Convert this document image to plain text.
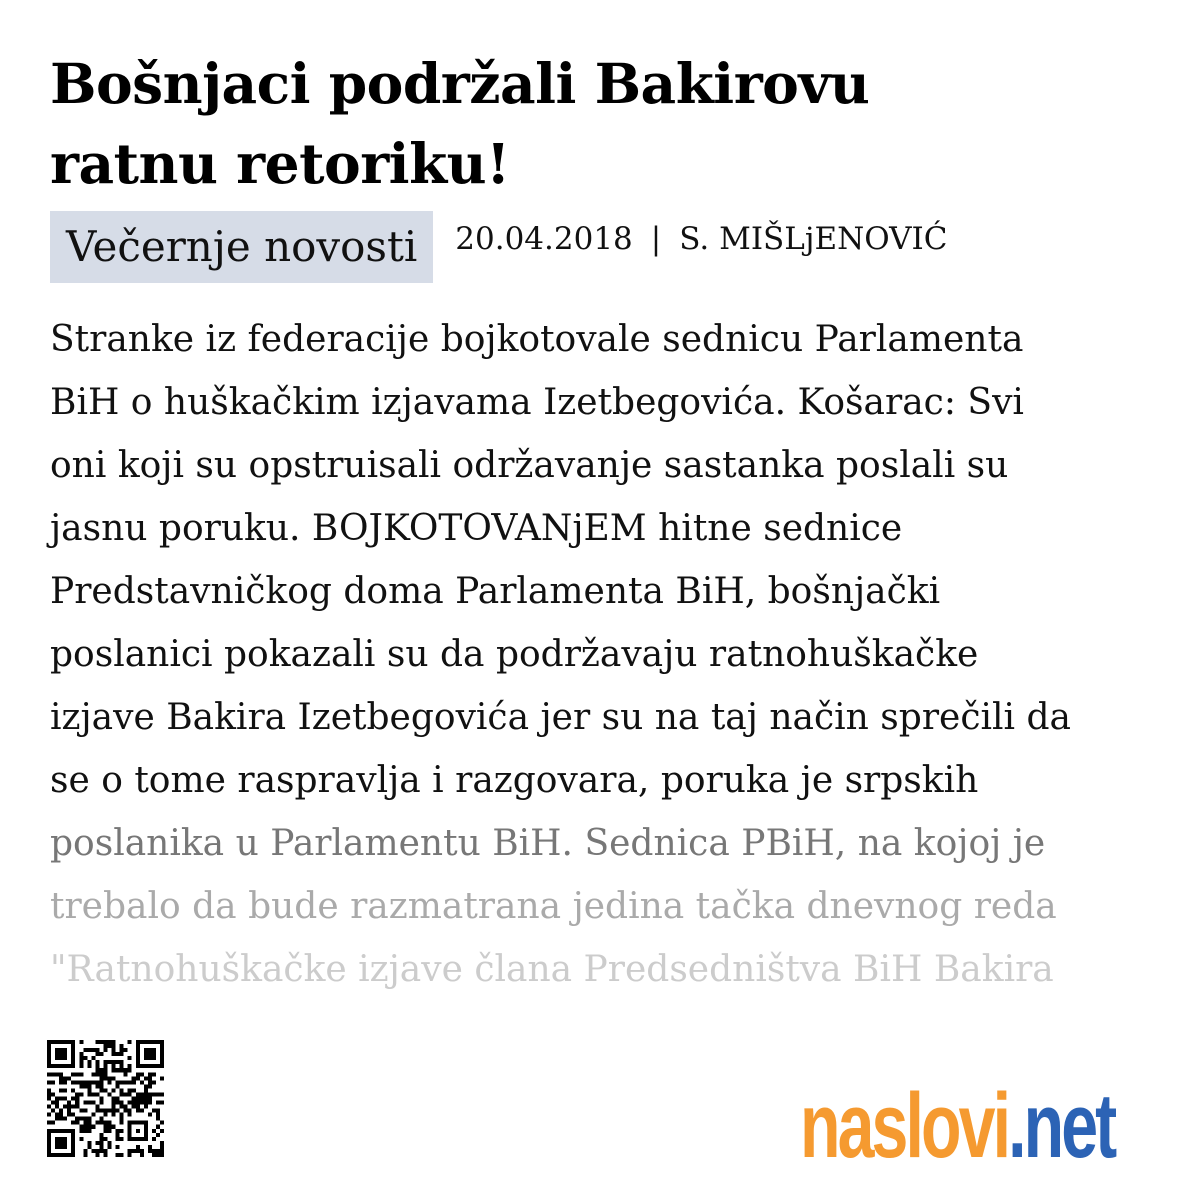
Bošnjaci podržali Bakirovu
ratnu retoriku!
Večernje novosti	20.04.2018 | S. MIŠLjENOVIĆ
Stranke iz federacije bojkotovale sednicu Parlamenta
BiH o huškačkim izjavama Izetbegovića. Košarac: Svi
oni koji su opstruisali održavanje sastanka poslali su
jasnu poruku. BOJKOTOVANjEM hitne sednice
Predstavničkog doma Parlamenta BiH, bošnjački
poslanici pokazali su da podržavaju ratnohuškačke
izjave Bakira Izetbegovića jer su na taj način sprečili da
se o tome raspravlja i razgovara, poruka je srpskih
poslanika u Parlamentu BiH. Sednica PBiH, na kojoj je
trebalo da bude razmatrana jedina tačka dnevnog reda
"Ratnohuškačke izjave člana Predsedništva BiH Bakira
naslovi .net
